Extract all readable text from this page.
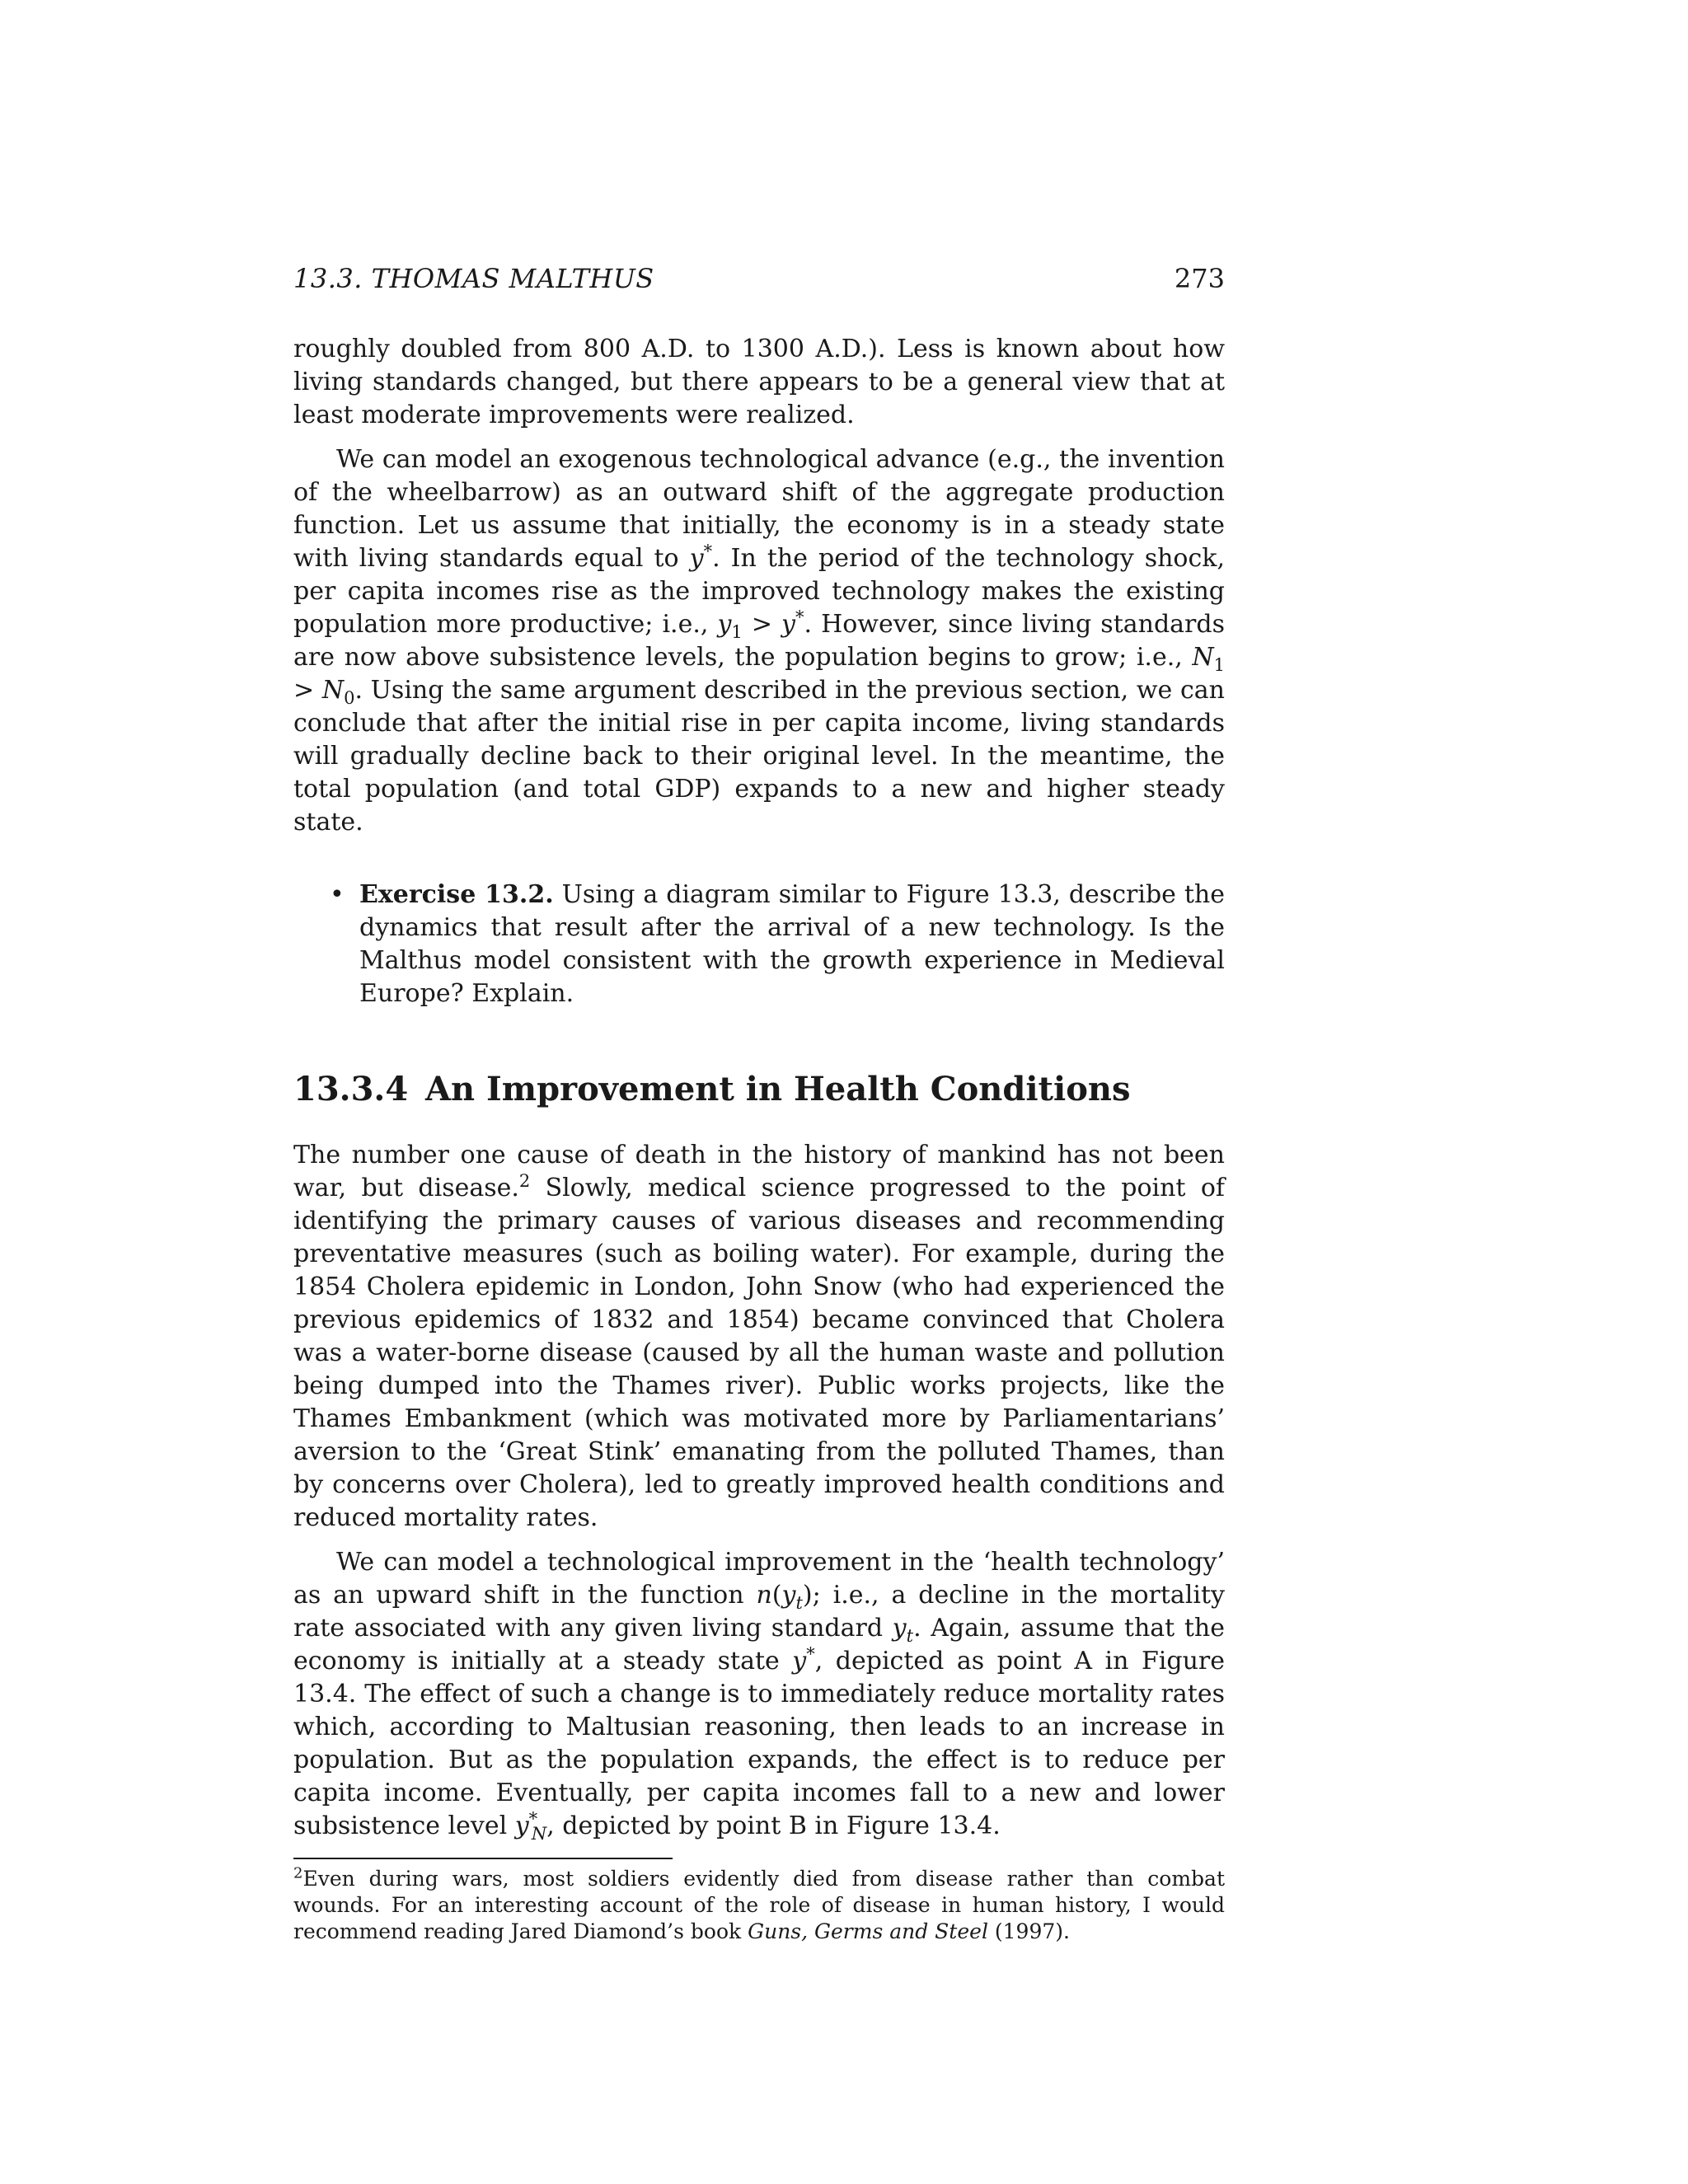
13.3. THOMAS MALTHUS	273

roughly doubled from 800 A.D. to 1300 A.D.). Less is known about how living standards changed, but there appears to be a general view that at least moderate improvements were realized.

We can model an exogenous technological advance (e.g., the invention of the wheelbarrow) as an outward shift of the aggregate production function. Let us assume that initially, the economy is in a steady state with living standards equal to y*. In the period of the technology shock, per capita incomes rise as the improved technology makes the existing population more productive; i.e., $y_1 > y^*$. However, since living standards are now above subsistence levels, the population begins to grow; i.e., $N_1 > N_0$. Using the same argument described in the previous section, we can conclude that after the initial rise in per capita income, living standards will gradually decline back to their original level. In the meantime, the total population (and total GDP) expands to a new and higher steady state.

• Exercise 13.2. Using a diagram similar to Figure 13.3, describe the dynamics that result after the arrival of a new technology. Is the Malthus model consistent with the growth experience in Medieval Europe? Explain.

13.3.4 An Improvement in Health Conditions

The number one cause of death in the history of mankind has not been war, but disease.$^2$ Slowly, medical science progressed to the point of identifying the primary causes of various diseases and recommending preventative measures (such as boiling water). For example, during the 1854 Cholera epidemic in London, John Snow (who had experienced the previous epidemics of 1832 and 1854) became convinced that Cholera was a water-borne disease (caused by all the human waste and pollution being dumped into the Thames river). Public works projects, like the Thames Embankment (which was motivated more by Parliamentarians’ aversion to the ‘Great Stink’ emanating from the polluted Thames, than by concerns over Cholera), led to greatly improved health conditions and reduced mortality rates.

We can model a technological improvement in the ‘health technology’ as an upward shift in the function $n(y_t)$; i.e., a decline in the mortality rate associated with any given living standard $y_t$. Again, assume that the economy is initially at a steady state y*, depicted as point A in Figure 13.4. The effect of such a change is to immediately reduce mortality rates which, according to Maltusian reasoning, then leads to an increase in population. But as the population expands, the effect is to reduce per capita income. Eventually, per capita incomes fall to a new and lower subsistence level $y^*_N$, depicted by point B in Figure 13.4.

$^2$Even during wars, most soldiers evidently died from disease rather than combat wounds. For an interesting account of the role of disease in human history, I would recommend reading Jared Diamond’s book Guns, Germs and Steel (1997).
